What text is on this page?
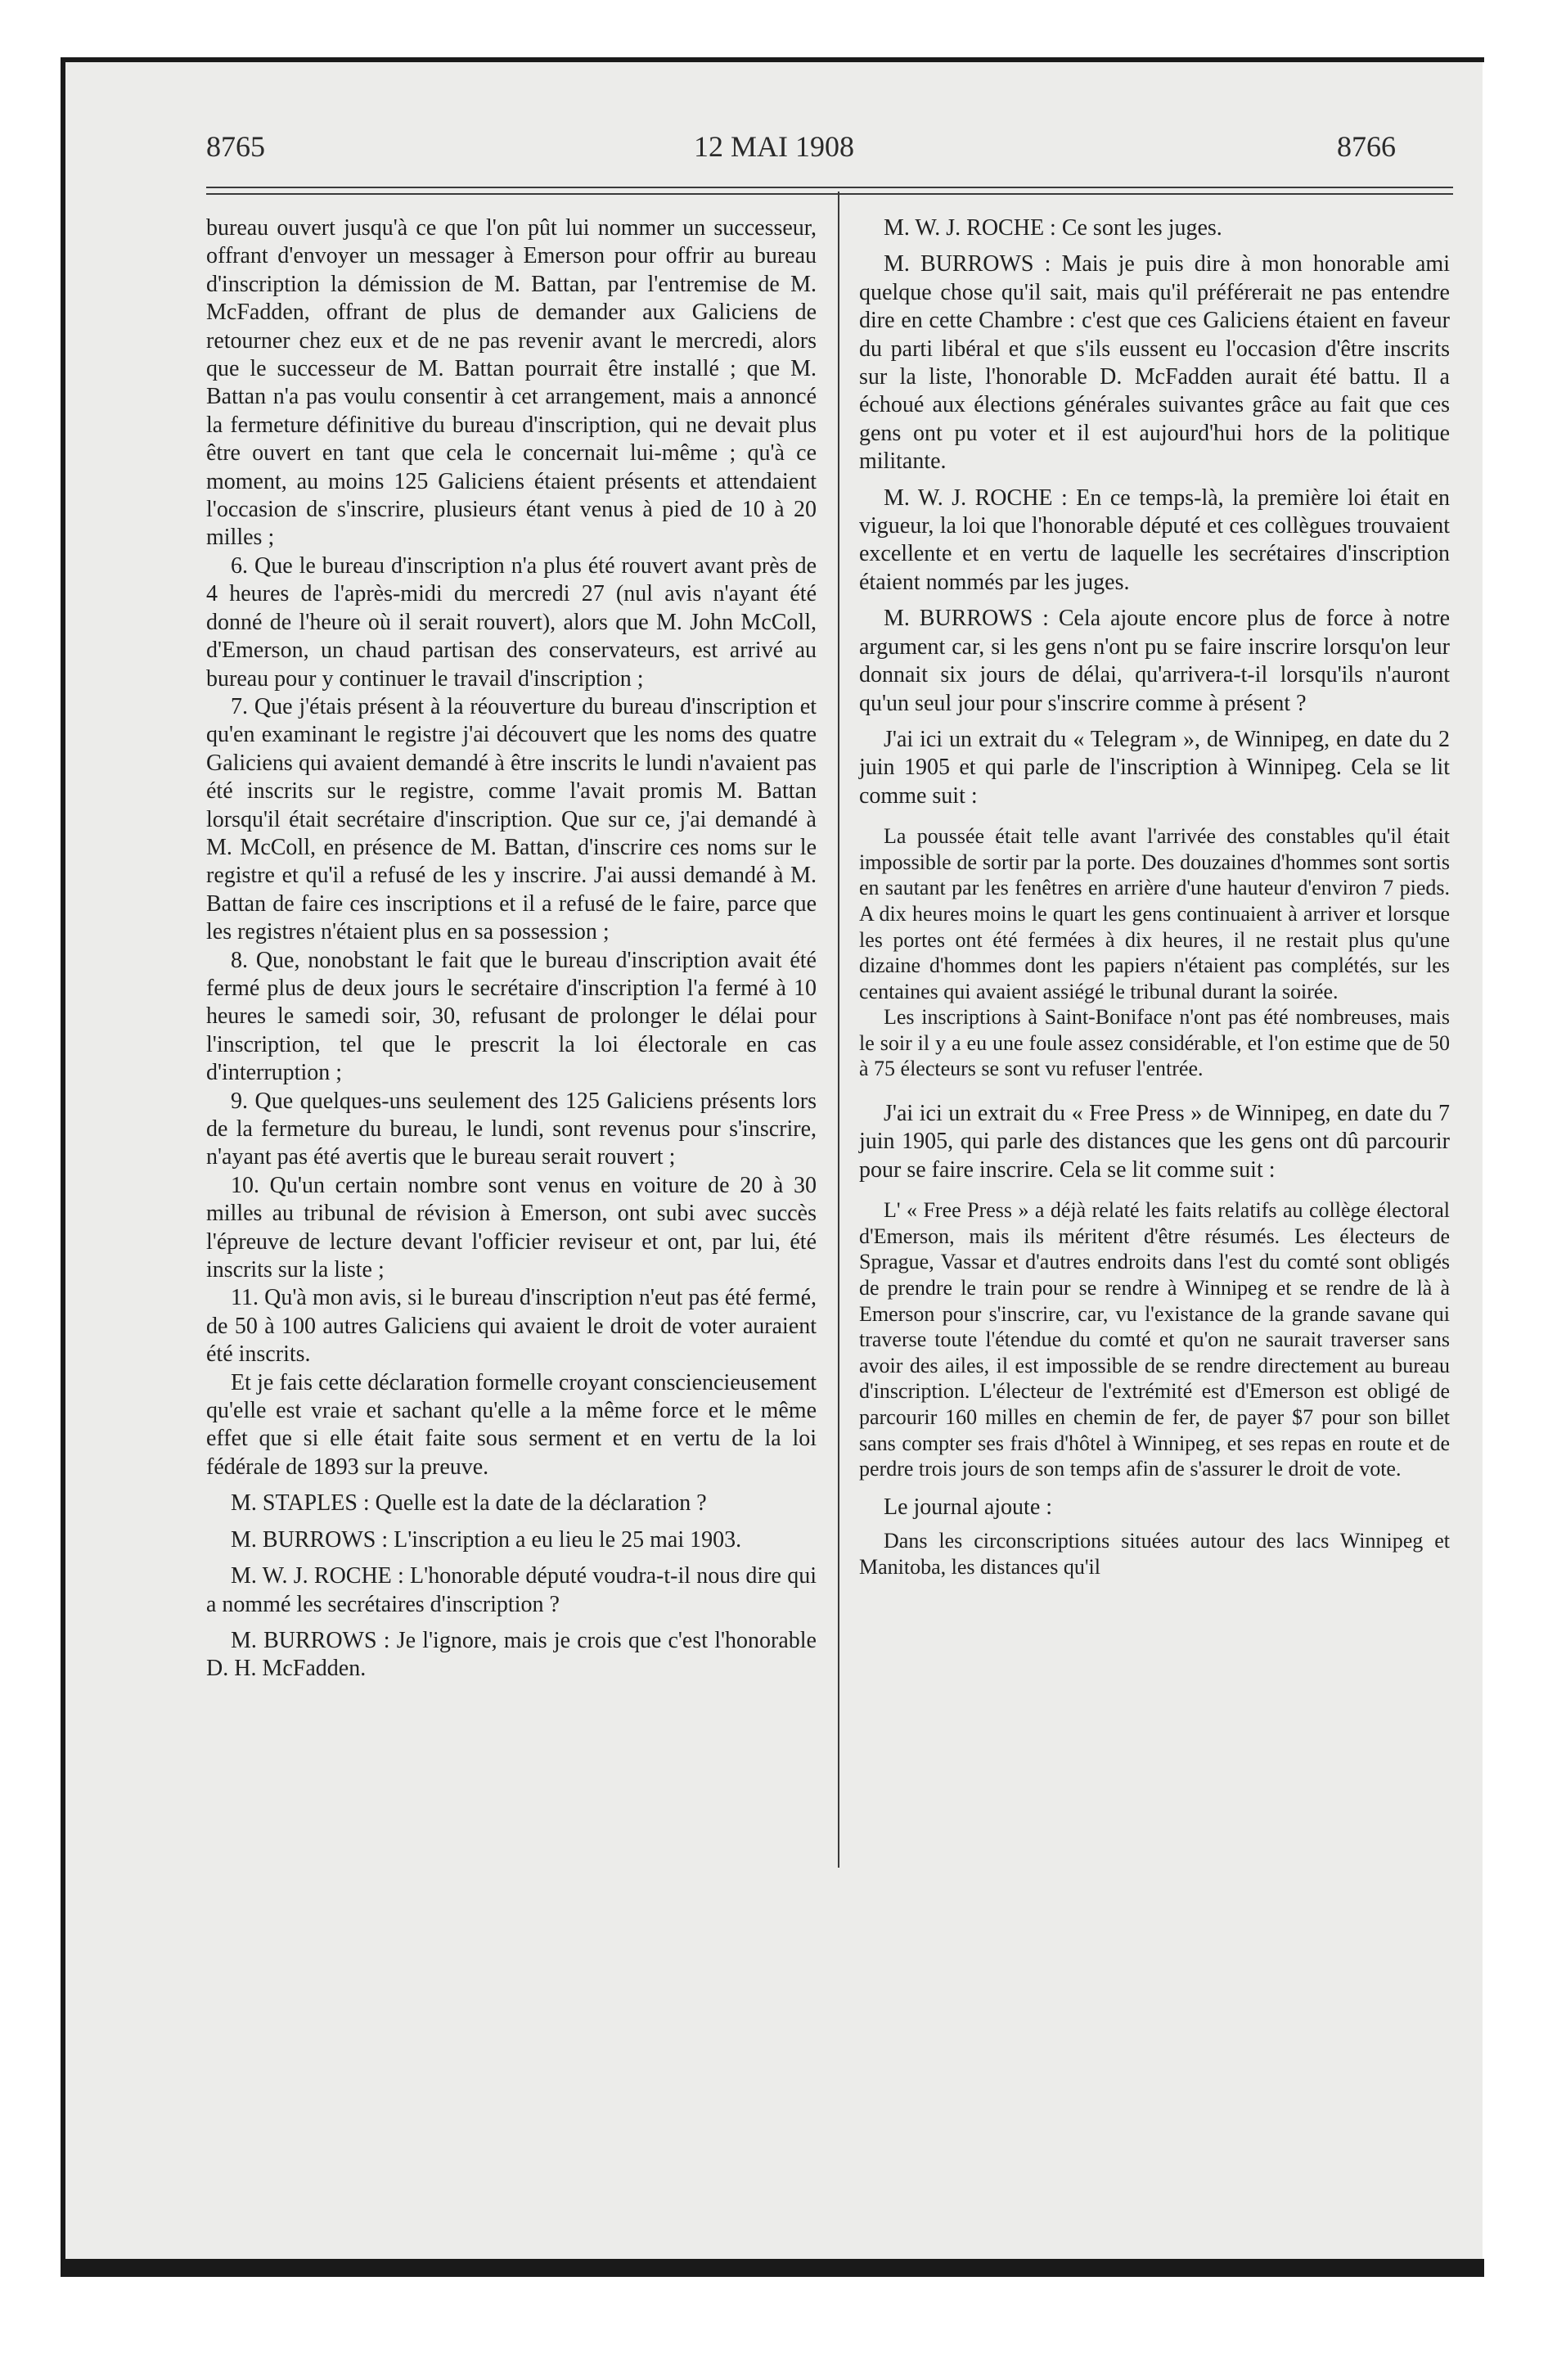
8765	12 MAI 1908	8766

bureau ouvert jusqu'à ce que l'on pût lui nommer un successeur, offrant d'envoyer un messager à Emerson pour offrir au bureau d'inscription la démission de M. Battan, par l'entremise de M. McFadden, offrant de plus de demander aux Galiciens de retourner chez eux et de ne pas revenir avant le mercredi, alors que le successeur de M. Battan pourrait être installé ; que M. Battan n'a pas voulu consentir à cet arrangement, mais a annoncé la fermeture définitive du bureau d'inscription, qui ne devait plus être ouvert en tant que cela le concernait lui-même ; qu'à ce moment, au moins 125 Galiciens étaient présents et attendaient l'occasion de s'inscrire, plusieurs étant venus à pied de 10 à 20 milles ;

6. Que le bureau d'inscription n'a plus été rouvert avant près de 4 heures de l'après-midi du mercredi 27 (nul avis n'ayant été donné de l'heure où il serait rouvert), alors que M. John McColl, d'Emerson, un chaud partisan des conservateurs, est arrivé au bureau pour y continuer le travail d'inscription ;

7. Que j'étais présent à la réouverture du bureau d'inscription et qu'en examinant le registre j'ai découvert que les noms des quatre Galiciens qui avaient demandé à être inscrits le lundi n'avaient pas été inscrits sur le registre, comme l'avait promis M. Battan lorsqu'il était secrétaire d'inscription. Que sur ce, j'ai demandé à M. McColl, en présence de M. Battan, d'inscrire ces noms sur le registre et qu'il a refusé de les y inscrire. J'ai aussi demandé à M. Battan de faire ces inscriptions et il a refusé de le faire, parce que les registres n'étaient plus en sa possession ;

8. Que, nonobstant le fait que le bureau d'inscription avait été fermé plus de deux jours le secrétaire d'inscription l'a fermé à 10 heures le samedi soir, 30, refusant de prolonger le délai pour l'inscription, tel que le prescrit la loi électorale en cas d'interruption ;

9. Que quelques-uns seulement des 125 Galiciens présents lors de la fermeture du bureau, le lundi, sont revenus pour s'inscrire, n'ayant pas été avertis que le bureau serait rouvert ;

10. Qu'un certain nombre sont venus en voiture de 20 à 30 milles au tribunal de révision à Emerson, ont subi avec succès l'épreuve de lecture devant l'officier reviseur et ont, par lui, été inscrits sur la liste ;

11. Qu'à mon avis, si le bureau d'inscription n'eut pas été fermé, de 50 à 100 autres Galiciens qui avaient le droit de voter auraient été inscrits.

Et je fais cette déclaration formelle croyant consciencieusement qu'elle est vraie et sachant qu'elle a la même force et le même effet que si elle était faite sous serment et en vertu de la loi fédérale de 1893 sur la preuve.

M. STAPLES : Quelle est la date de la déclaration ?

M. BURROWS : L'inscription a eu lieu le 25 mai 1903.

M. W. J. ROCHE : L'honorable député voudra-t-il nous dire qui a nommé les secrétaires d'inscription ?

M. BURROWS : Je l'ignore, mais je crois que c'est l'honorable D. H. McFadden.

M. W. J. ROCHE : Ce sont les juges.

M. BURROWS : Mais je puis dire à mon honorable ami quelque chose qu'il sait, mais qu'il préférerait ne pas entendre dire en cette Chambre : c'est que ces Galiciens étaient en faveur du parti libéral et que s'ils eussent eu l'occasion d'être inscrits sur la liste, l'honorable D. McFadden aurait été battu. Il a échoué aux élections générales suivantes grâce au fait que ces gens ont pu voter et il est aujourd'hui hors de la politique militante.

M. W. J. ROCHE : En ce temps-là, la première loi était en vigueur, la loi que l'honorable député et ces collègues trouvaient excellente et en vertu de laquelle les secrétaires d'inscription étaient nommés par les juges.

M. BURROWS : Cela ajoute encore plus de force à notre argument car, si les gens n'ont pu se faire inscrire lorsqu'on leur donnait six jours de délai, qu'arrivera-t-il lorsqu'ils n'auront qu'un seul jour pour s'inscrire comme à présent ?

J'ai ici un extrait du « Telegram », de Winnipeg, en date du 2 juin 1905 et qui parle de l'inscription à Winnipeg. Cela se lit comme suit :

La poussée était telle avant l'arrivée des constables qu'il était impossible de sortir par la porte. Des douzaines d'hommes sont sortis en sautant par les fenêtres en arrière d'une hauteur d'environ 7 pieds. A dix heures moins le quart les gens continuaient à arriver et lorsque les portes ont été fermées à dix heures, il ne restait plus qu'une dizaine d'hommes dont les papiers n'étaient pas complétés, sur les centaines qui avaient assiégé le tribunal durant la soirée.

Les inscriptions à Saint-Boniface n'ont pas été nombreuses, mais le soir il y a eu une foule assez considérable, et l'on estime que de 50 à 75 électeurs se sont vu refuser l'entrée.

J'ai ici un extrait du « Free Press » de Winnipeg, en date du 7 juin 1905, qui parle des distances que les gens ont dû parcourir pour se faire inscrire. Cela se lit comme suit :

L' « Free Press » a déjà relaté les faits relatifs au collège électoral d'Emerson, mais ils méritent d'être résumés. Les électeurs de Sprague, Vassar et d'autres endroits dans l'est du comté sont obligés de prendre le train pour se rendre à Winnipeg et se rendre de là à Emerson pour s'inscrire, car, vu l'existance de la grande savane qui traverse toute l'étendue du comté et qu'on ne saurait traverser sans avoir des ailes, il est impossible de se rendre directement au bureau d'inscription. L'électeur de l'extrémité est d'Emerson est obligé de parcourir 160 milles en chemin de fer, de payer $7 pour son billet sans compter ses frais d'hôtel à Winnipeg, et ses repas en route et de perdre trois jours de son temps afin de s'assurer le droit de vote.

Le journal ajoute :

Dans les circonscriptions situées autour des lacs Winnipeg et Manitoba, les distances qu'il
